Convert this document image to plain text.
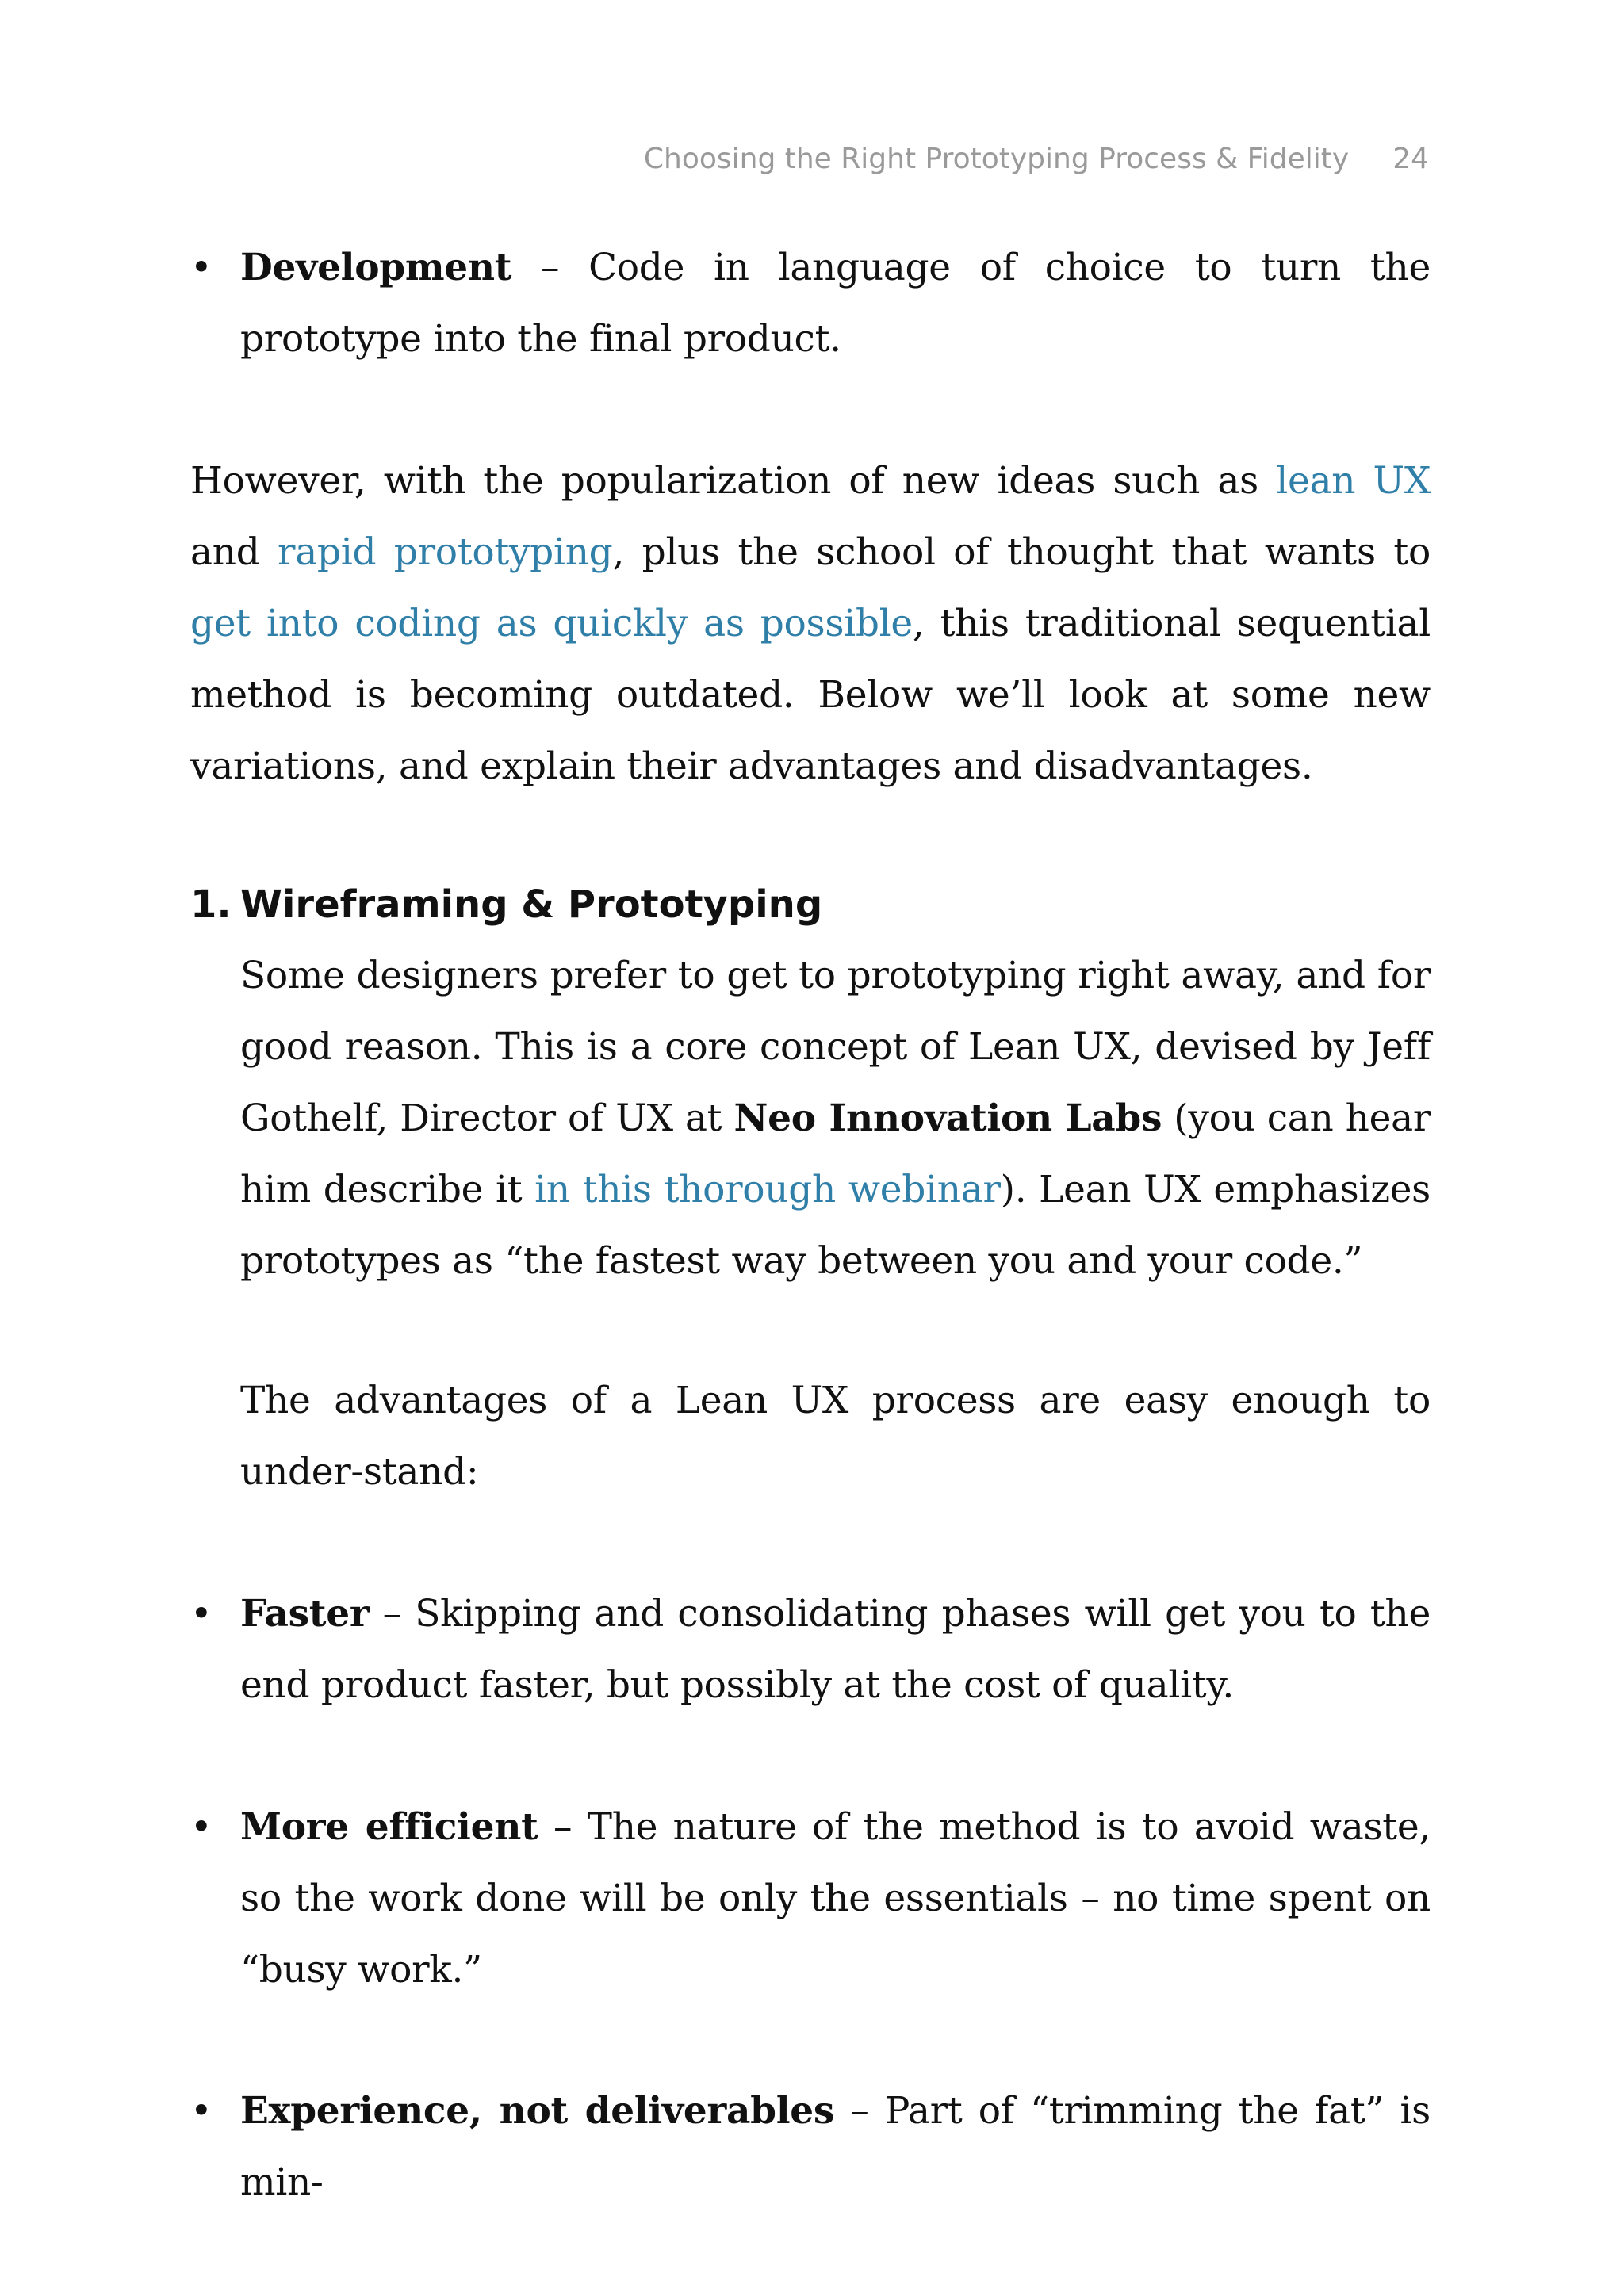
Choosing the Right Prototyping Process & Fidelity 24
• Development – Code in language of choice to turn the prototype into the final product.
However, with the popularization of new ideas such as lean UX and rapid prototyping, plus the school of thought that wants to get into coding as quickly as possible, this traditional sequential method is becoming outdated. Below we’ll look at some new variations, and explain their advantages and disadvantages.
1. Wireframing & Prototyping
Some designers prefer to get to prototyping right away, and for good reason. This is a core concept of Lean UX, devised by Jeff Gothelf, Director of UX at Neo Innovation Labs (you can hear him describe it in this thorough webinar). Lean UX emphasizes prototypes as “the fastest way between you and your code.”
The advantages of a Lean UX process are easy enough to under-stand:
• Faster – Skipping and consolidating phases will get you to the end product faster, but possibly at the cost of quality.
• More efficient – The nature of the method is to avoid waste, so the work done will be only the essentials – no time spent on “busy work.”
• Experience, not deliverables – Part of “trimming the fat” is min-
